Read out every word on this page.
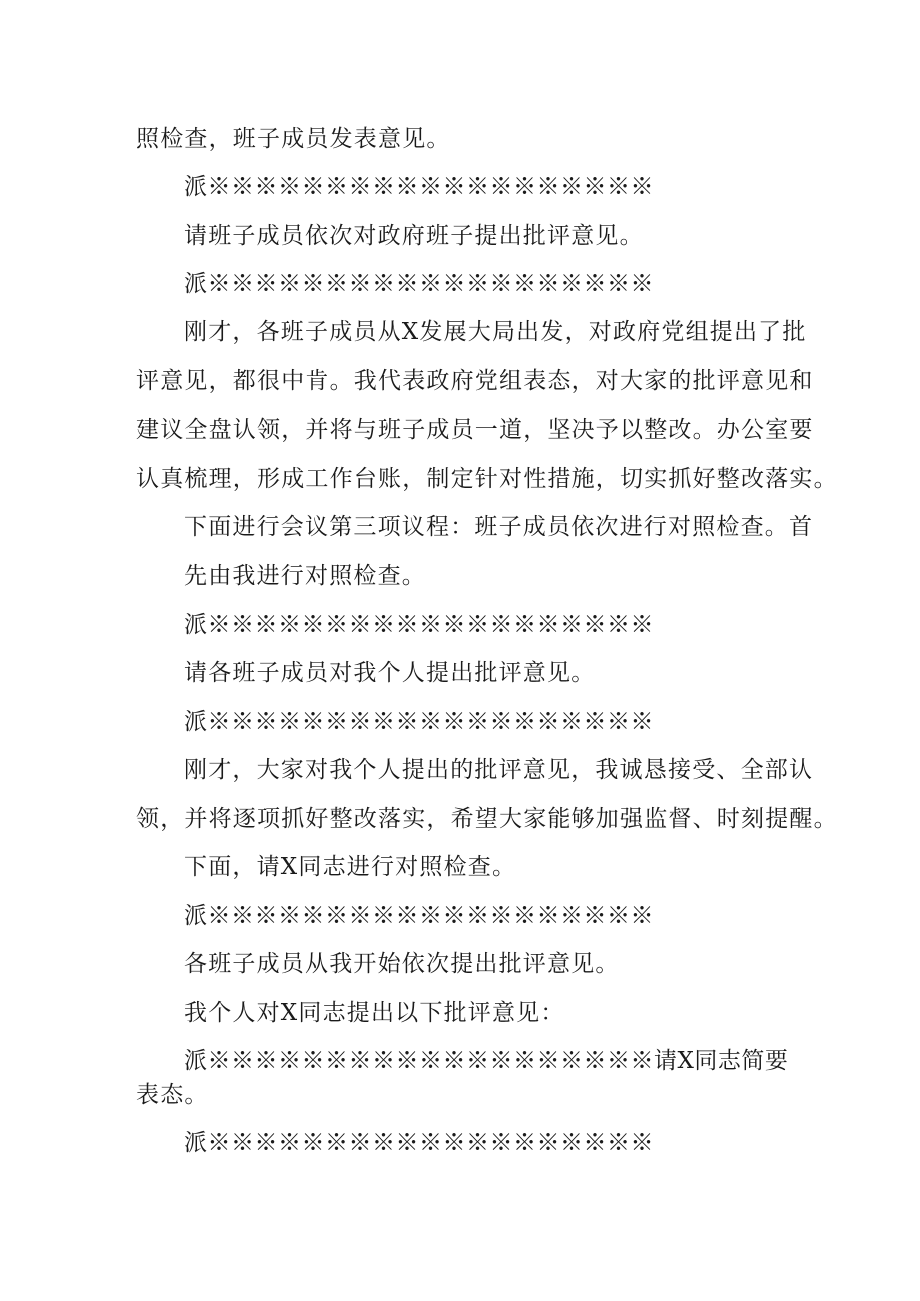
照检查，班子成员发表意见。
派※※※※※※※※※※※※※※※※※※※
请班子成员依次对政府班子提出批评意见。
派※※※※※※※※※※※※※※※※※※※
刚才，各班子成员从X发展大局出发，对政府党组提出了批
评意见，都很中肯。我代表政府党组表态，对大家的批评意见和
建议全盘认领，并将与班子成员一道，坚决予以整改。办公室要
认真梳理，形成工作台账，制定针对性措施，切实抓好整改落实。
下面进行会议第三项议程：班子成员依次进行对照检查。首
先由我进行对照检查。
派※※※※※※※※※※※※※※※※※※※
请各班子成员对我个人提出批评意见。
派※※※※※※※※※※※※※※※※※※※
刚才，大家对我个人提出的批评意见，我诚恳接受、全部认
领，并将逐项抓好整改落实，希望大家能够加强监督、时刻提醒。
下面，请X同志进行对照检查。
派※※※※※※※※※※※※※※※※※※※
各班子成员从我开始依次提出批评意见。
我个人对X同志提出以下批评意见：
派※※※※※※※※※※※※※※※※※※※请X同志简要
表态。
派※※※※※※※※※※※※※※※※※※※
